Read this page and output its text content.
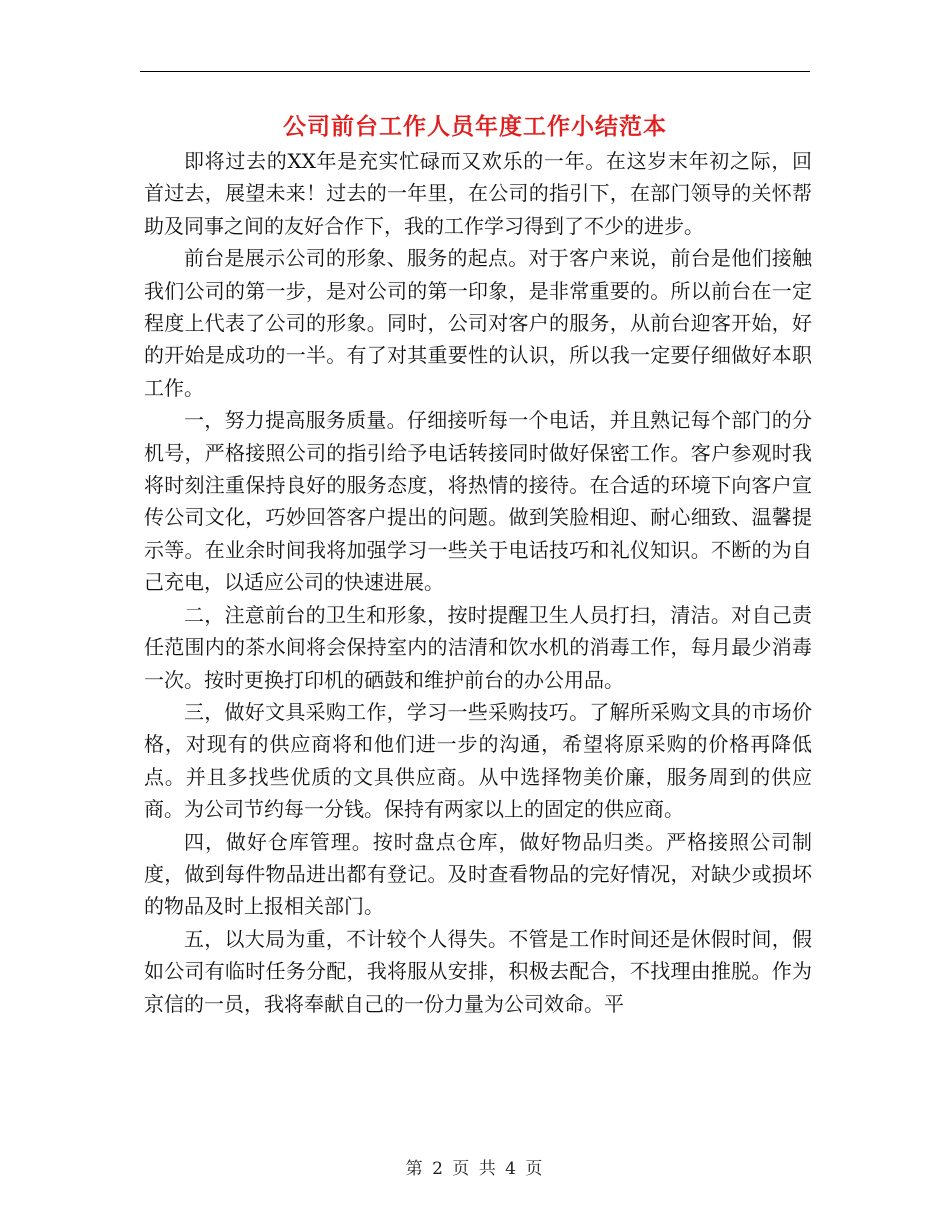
公司前台工作人员年度工作小结范本

即将过去的XX年是充实忙碌而又欢乐的一年。在这岁末年初之际，回首过去，展望未来！过去的一年里，在公司的指引下，在部门领导的关怀帮助及同事之间的友好合作下，我的工作学习得到了不少的进步。

前台是展示公司的形象、服务的起点。对于客户来说，前台是他们接触我们公司的第一步，是对公司的第一印象，是非常重要的。所以前台在一定程度上代表了公司的形象。同时，公司对客户的服务，从前台迎客开始，好的开始是成功的一半。有了对其重要性的认识，所以我一定要仔细做好本职工作。

一，努力提高服务质量。仔细接听每一个电话，并且熟记每个部门的分机号，严格接照公司的指引给予电话转接同时做好保密工作。客户参观时我将时刻注重保持良好的服务态度，将热情的接待。在合适的环境下向客户宣传公司文化，巧妙回答客户提出的问题。做到笑脸相迎、耐心细致、温馨提示等。在业余时间我将加强学习一些关于电话技巧和礼仪知识。不断的为自己充电，以适应公司的快速进展。

二，注意前台的卫生和形象，按时提醒卫生人员打扫，清洁。对自己责任范围内的茶水间将会保持室内的洁清和饮水机的消毒工作，每月最少消毒一次。按时更换打印机的硒鼓和维护前台的办公用品。

三，做好文具采购工作，学习一些采购技巧。了解所采购文具的市场价格，对现有的供应商将和他们进一步的沟通，希望将原采购的价格再降低点。并且多找些优质的文具供应商。从中选择物美价廉，服务周到的供应商。为公司节约每一分钱。保持有两家以上的固定的供应商。

四，做好仓库管理。按时盘点仓库，做好物品归类。严格接照公司制度，做到每件物品进出都有登记。及时查看物品的完好情况，对缺少或损坏的物品及时上报相关部门。

五，以大局为重，不计较个人得失。不管是工作时间还是休假时间，假如公司有临时任务分配，我将服从安排，积极去配合，不找理由推脱。作为京信的一员，我将奉献自己的一份力量为公司效命。平

第 2 页 共 4 页
